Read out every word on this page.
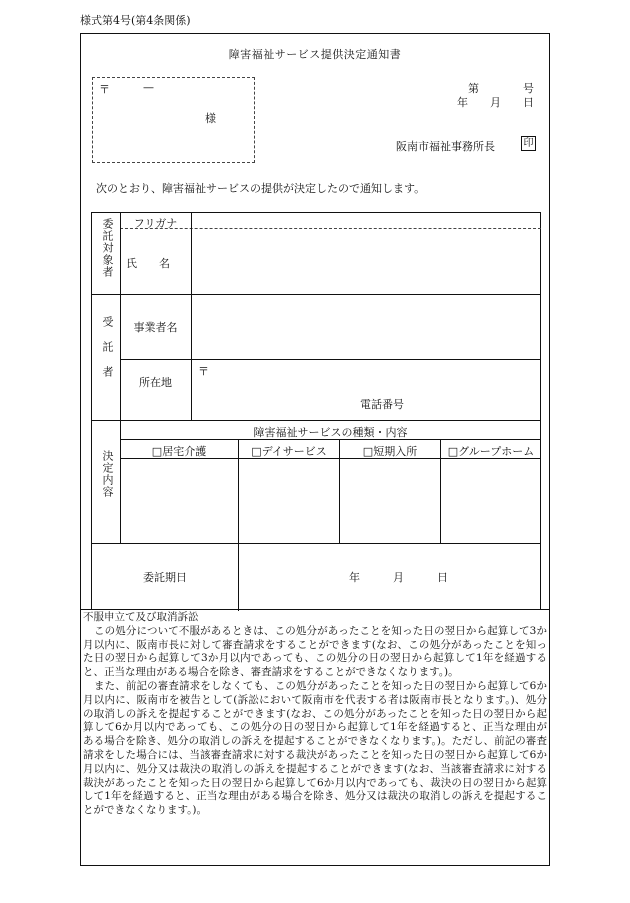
様式第4号(第4条関係)
障害福祉サービス提供決定通知書
〒	—
様
第　　　　号
年　　月　　日
阪南市福祉事務所長	印
次のとおり、障害福祉サービスの提供が決定したので通知します。
委託対象者	フリガナ
氏　　名
受託者	事業者名
所在地
〒
電話番号
決定内容
障害福祉サービスの種類・内容
□居宅介護	□デイサービス	□短期入所	□グループホーム
委託期日	年　　　月　　　日
不服申立て及び取消訴訟

この処分について不服があるときは、この処分があったことを知った日の翌日から起算して3か月以内に、阪南市長に対して審査請求をすることができます(なお、この処分があったことを知った日の翌日から起算して3か月以内であっても、この処分の日の翌日から起算して1年を経過すると、正当な理由がある場合を除き、審査請求をすることができなくなります。)。

また、前記の審査請求をしなくても、この処分があったことを知った日の翌日から起算して6か月以内に、阪南市を被告として(訴訟において阪南市を代表する者は阪南市長となります。)、処分の取消しの訴えを提起することができます(なお、この処分があったことを知った日の翌日から起算して6か月以内であっても、この処分の日の翌日から起算して1年を経過すると、正当な理由がある場合を除き、処分の取消しの訴えを提起することができなくなります。)。ただし、前記の審査請求をした場合には、当該審査請求に対する裁決があったことを知った日の翌日から起算して6か月以内に、処分又は裁決の取消しの訴えを提起することができます(なお、当該審査請求に対する裁決があったことを知った日の翌日から起算して6か月以内であっても、裁決の日の翌日から起算して1年を経過すると、正当な理由がある場合を除き、処分又は裁決の取消しの訴えを提起することができなくなります。)。
